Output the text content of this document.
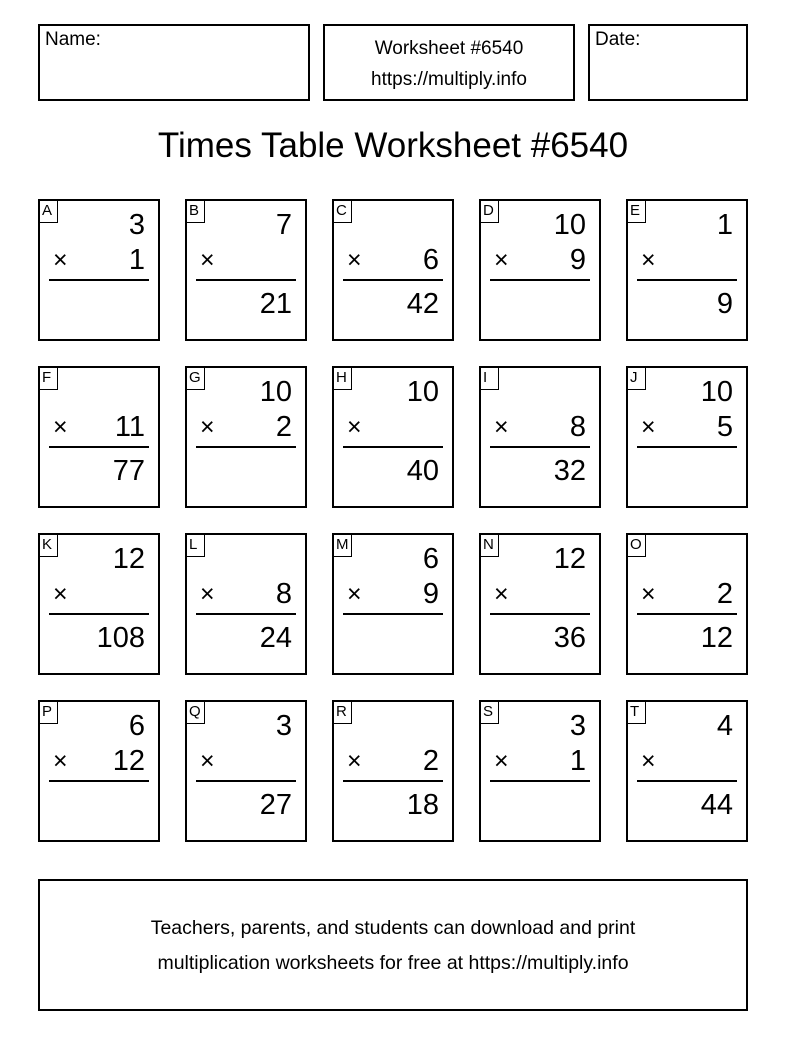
Name:	Worksheet #6540
https://multiply.info
Date:
Times Table Worksheet #6540
A	3
× 1
B	7
×
21
C
× 6
42
D 10
× 9
E	1
×
9
F
× 11
77
G 10
× 2
H 10
×
40
I
× 8
32
J 10
× 5
K 12
×
108
L
× 8
24
M	6
× 9
N 12
×
36
O
× 2
12
P	6
× 12
Q	3
×
27
R
× 2
18
S	3
× 1
T	4
×
44
Teachers, parents, and students can download and print
multiplication worksheets for free at https://multiply.info
